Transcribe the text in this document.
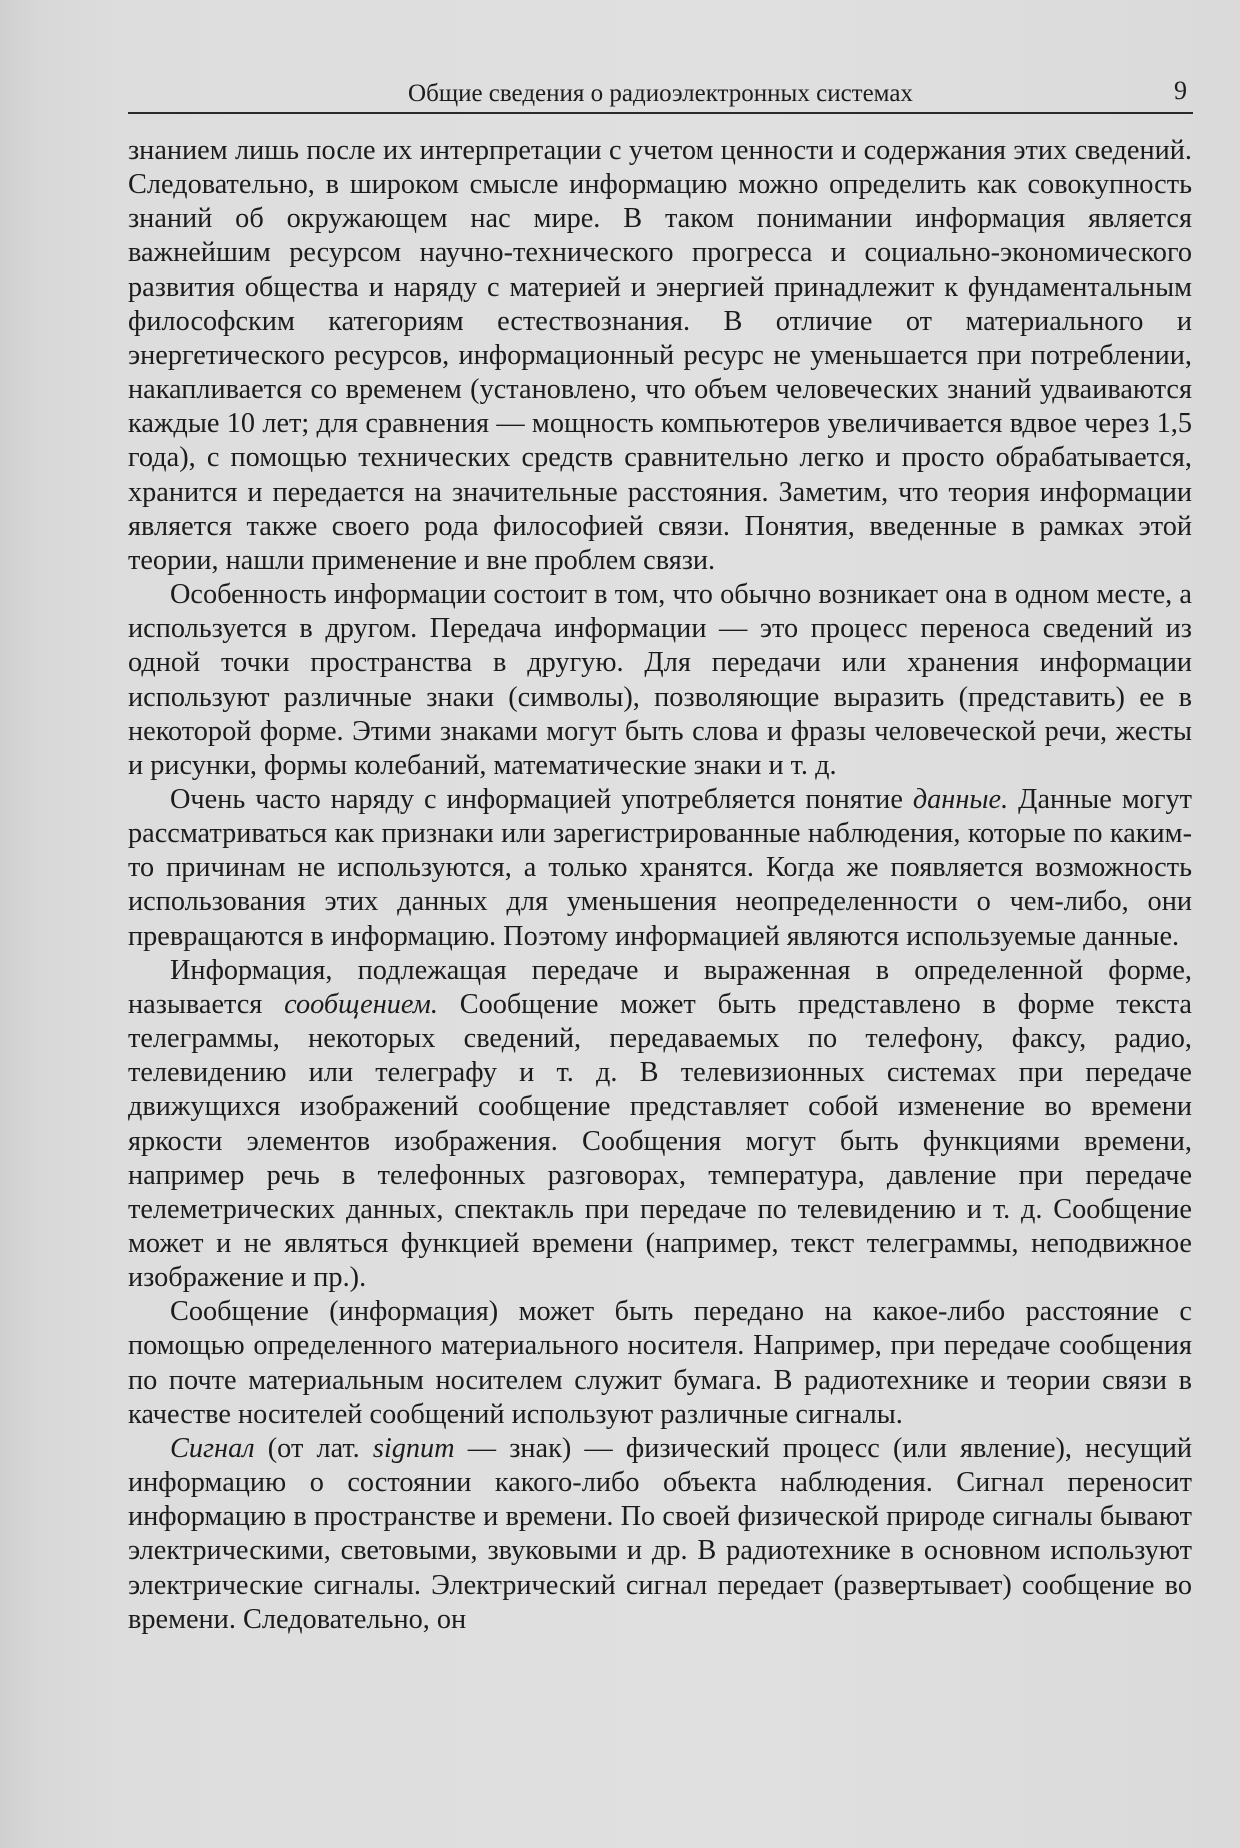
Общие сведения о радиоэлектронных системах	9

знанием лишь после их интерпретации с учетом ценности и содержания этих сведений. Следовательно, в широком смысле информацию можно определить как совокупность знаний об окружающем нас мире. В таком понимании информация является важнейшим ресурсом научно-технического прогресса и социально-экономического развития общества и наряду с материей и энергией принадлежит к фундаментальным философским категориям естествознания. В отличие от материального и энергетического ресурсов, информационный ресурс не уменьшается при потреблении, накапливается со временем (установлено, что объем человеческих знаний удваиваются каждые 10 лет; для сравнения — мощность компьютеров увеличивается вдвое через 1,5 года), с помощью технических средств сравнительно легко и просто обрабатывается, хранится и передается на значительные расстояния. Заметим, что теория информации является также своего рода философией связи. Понятия, введенные в рамках этой теории, нашли применение и вне проблем связи.

Особенность информации состоит в том, что обычно возникает она в одном месте, а используется в другом. Передача информации — это процесс переноса сведений из одной точки пространства в другую. Для передачи или хранения информации используют различные знаки (символы), позволяющие выразить (представить) ее в некоторой форме. Этими знаками могут быть слова и фразы человеческой речи, жесты и рисунки, формы колебаний, математические знаки и т. д.

Очень часто наряду с информацией употребляется понятие данные. Данные могут рассматриваться как признаки или зарегистрированные наблюдения, которые по каким-то причинам не используются, а только хранятся. Когда же появляется возможность использования этих данных для уменьшения неопределенности о чем-либо, они превращаются в информацию. Поэтому информацией являются используемые данные.

Информация, подлежащая передаче и выраженная в определенной форме, называется сообщением. Сообщение может быть представлено в форме текста телеграммы, некоторых сведений, передаваемых по телефону, факсу, радио, телевидению или телеграфу и т. д. В телевизионных системах при передаче движущихся изображений сообщение представляет собой изменение во времени яркости элементов изображения. Сообщения могут быть функциями времени, например речь в телефонных разговорах, температура, давление при передаче телеметрических данных, спектакль при передаче по телевидению и т. д. Сообщение может и не являться функцией времени (например, текст телеграммы, неподвижное изображение и пр.).

Сообщение (информация) может быть передано на какое-либо расстояние с помощью определенного материального носителя. Например, при передаче сообщения по почте материальным носителем служит бумага. В радиотехнике и теории связи в качестве носителей сообщений используют различные сигналы.

Сигнал (от лат. signum — знак) — физический процесс (или явление), несущий информацию о состоянии какого-либо объекта наблюдения. Сигнал переносит информацию в пространстве и времени. По своей физической природе сигналы бывают электрическими, световыми, звуковыми и др. В радиотехнике в основном используют электрические сигналы. Электрический сигнал передает (развертывает) сообщение во времени. Следовательно, он
